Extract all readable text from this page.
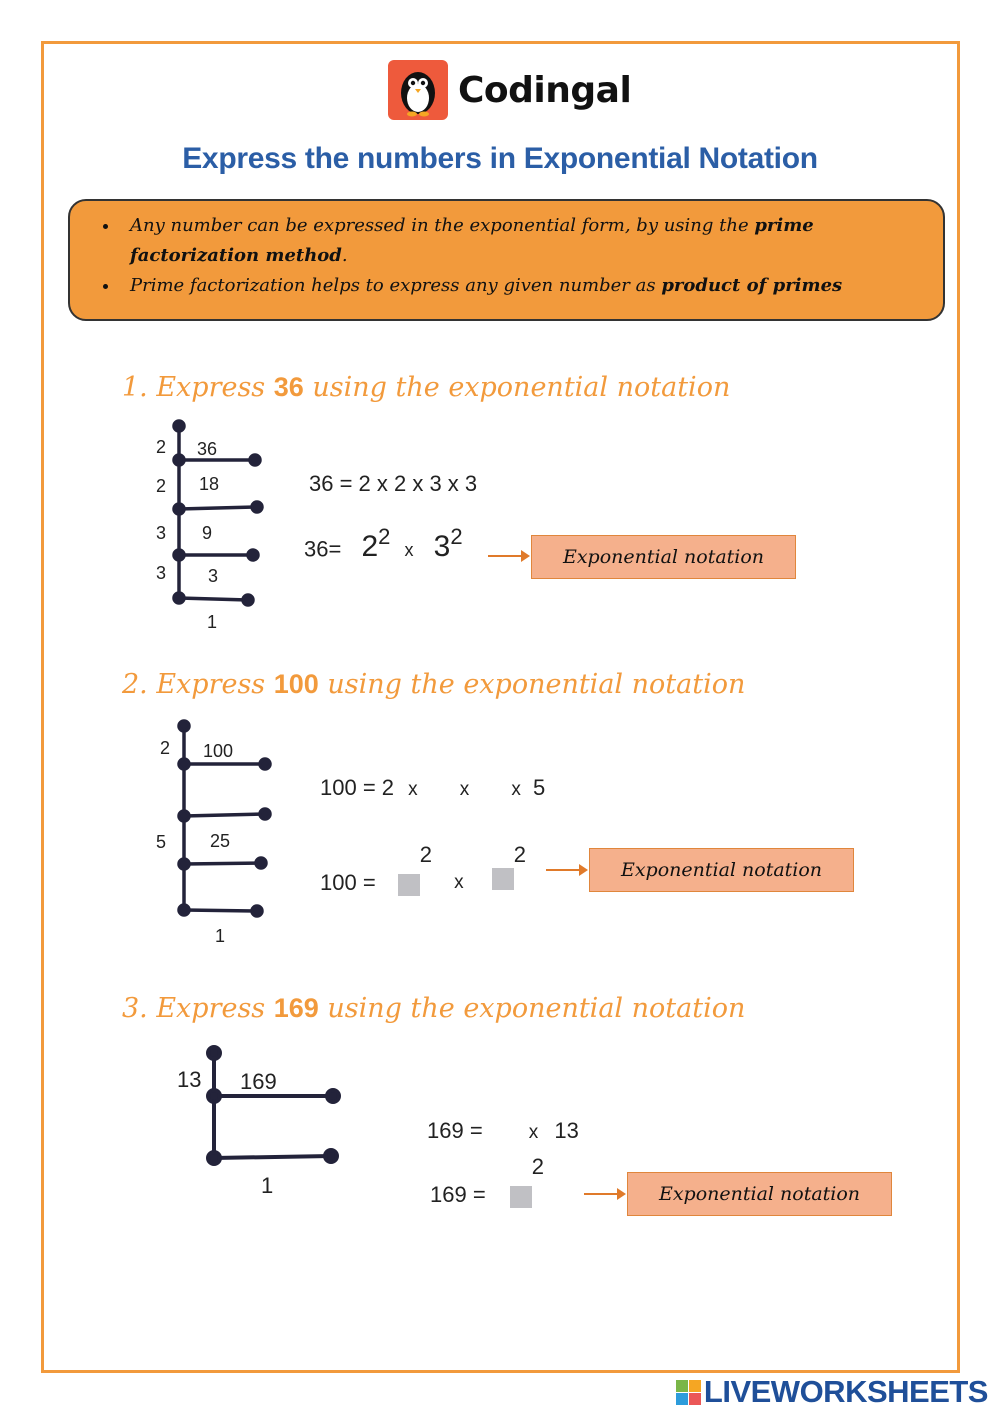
Codingal
Express the numbers in Exponential Notation
• Any number can be expressed in the exponential form, by using the prime factorization method.
• Prime factorization helps to express any given number as product of primes
1. Express 36 using the exponential notation
2
2
3
3
36
18
9
3
1
36 = 2 x 2 x 3 x 3
$36= 2^2$ x $3^2$
Exponential notation
2. Express 100 using the exponential notation
2
5
100
25
1
100 = 2 x x x 5
100 = $^2$ x $^2$
Exponential notation
3. Express 169 using the exponential notation
13 169
1
169 = x 13
169 = $^2$
Exponential notation
LIVEWORKSHEETS
